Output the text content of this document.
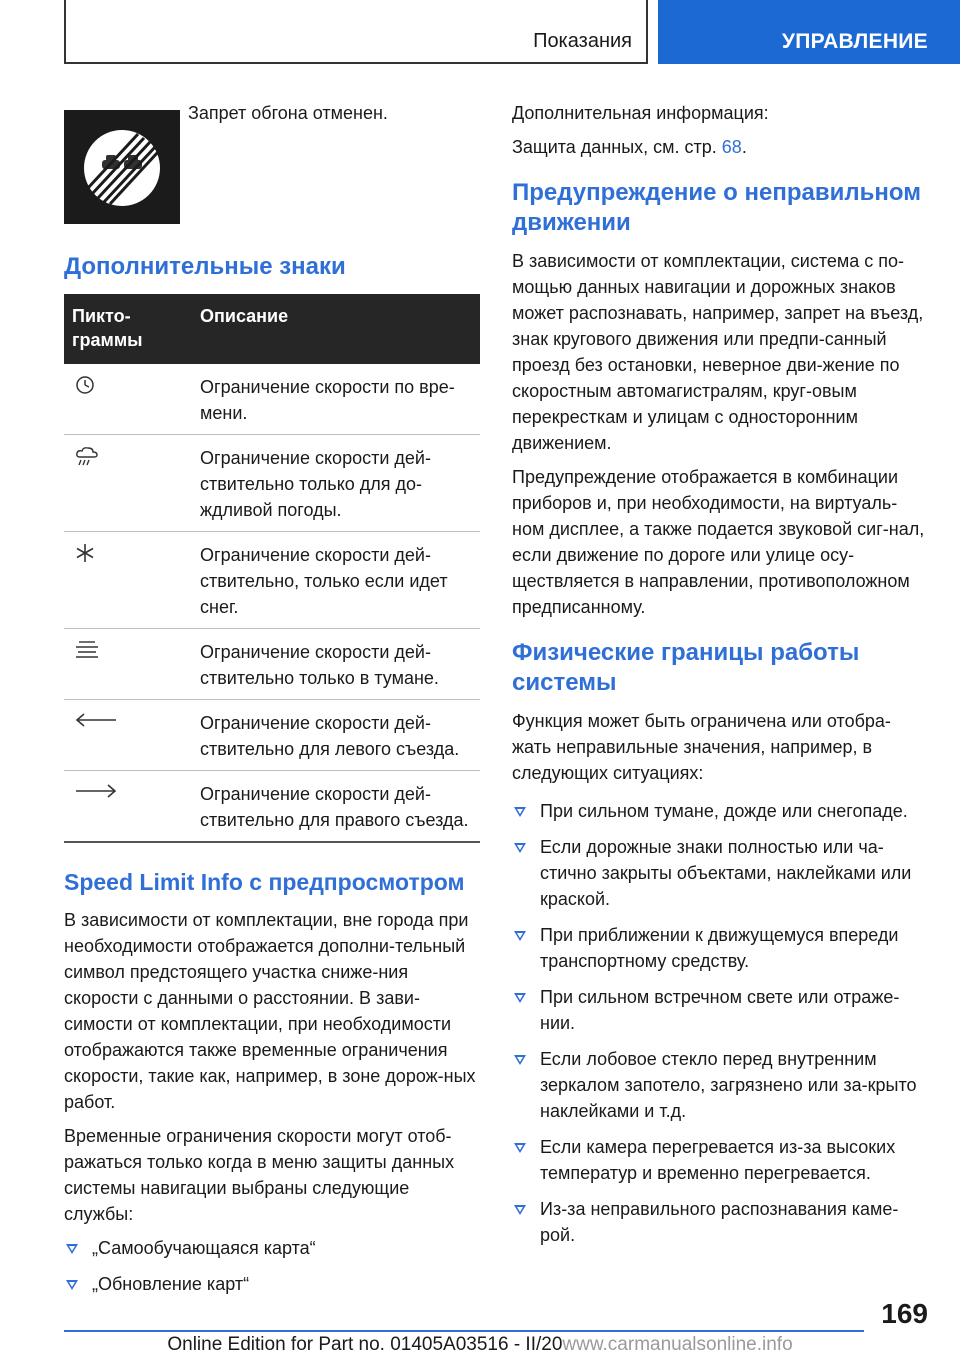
Показания	УПРАВЛЕНИЕ
Запрет обгона отменен.
Дополнительные знаки
Пикто-
граммы	Описание
	Ограничение скорости по вре-мени.
	Ограничение скорости дей-ствительно только для до-ждливой погоды.
	Ограничение скорости дей-ствительно, только если идет снег.
	Ограничение скорости дей-ствительно только в тумане.
	Ограничение скорости дей-ствительно для левого съезда.
	Ограничение скорости дей-ствительно для правого съезда.
Speed Limit Info с предпросмотром

В зависимости от комплектации, вне города при необходимости отображается дополни-тельный символ предстоящего участка сниже-ния скорости с данными о расстоянии. В зави-симости от комплектации, при необходимости отображаются также временные ограничения скорости, такие как, например, в зоне дорож-ных работ.

Временные ограничения скорости могут отоб-ражаться только когда в меню защиты данных системы навигации выбраны следующие службы:

„Самообучающаяся карта“
„Обновление карт“

Дополнительная информация:

Защита данных, см. стр. 68.

Предупреждение о неправильном движении

В зависимости от комплектации, система с по-мощью данных навигации и дорожных знаков может распознавать, например, запрет на въезд, знак кругового движения или предпи-санный проезд без остановки, неверное дви-жение по скоростным автомагистралям, круг-овым перекресткам и улицам с односторонним движением.

Предупреждение отображается в комбинации приборов и, при необходимости, на виртуаль-ном дисплее, а также подается звуковой сиг-нал, если движение по дороге или улице осу-ществляется в направлении, противоположном предписанному.

Физические границы работы системы

Функция может быть ограничена или отобра-жать неправильные значения, например, в следующих ситуациях:

При сильном тумане, дожде или снегопаде.
Если дорожные знаки полностью или ча-стично закрыты объектами, наклейками или краской.
При приближении к движущемуся впереди транспортному средству.
При сильном встречном свете или отраже-нии.
Если лобовое стекло перед внутренним зеркалом запотело, загрязнено или за-крыто наклейками и т.д.
Если камера перегревается из-за высоких температур и временно перегревается.
Из-за неправильного распознавания каме-рой.
169
Online Edition for Part no. 01405A03516 - II/20www.carmanualsonline.info
